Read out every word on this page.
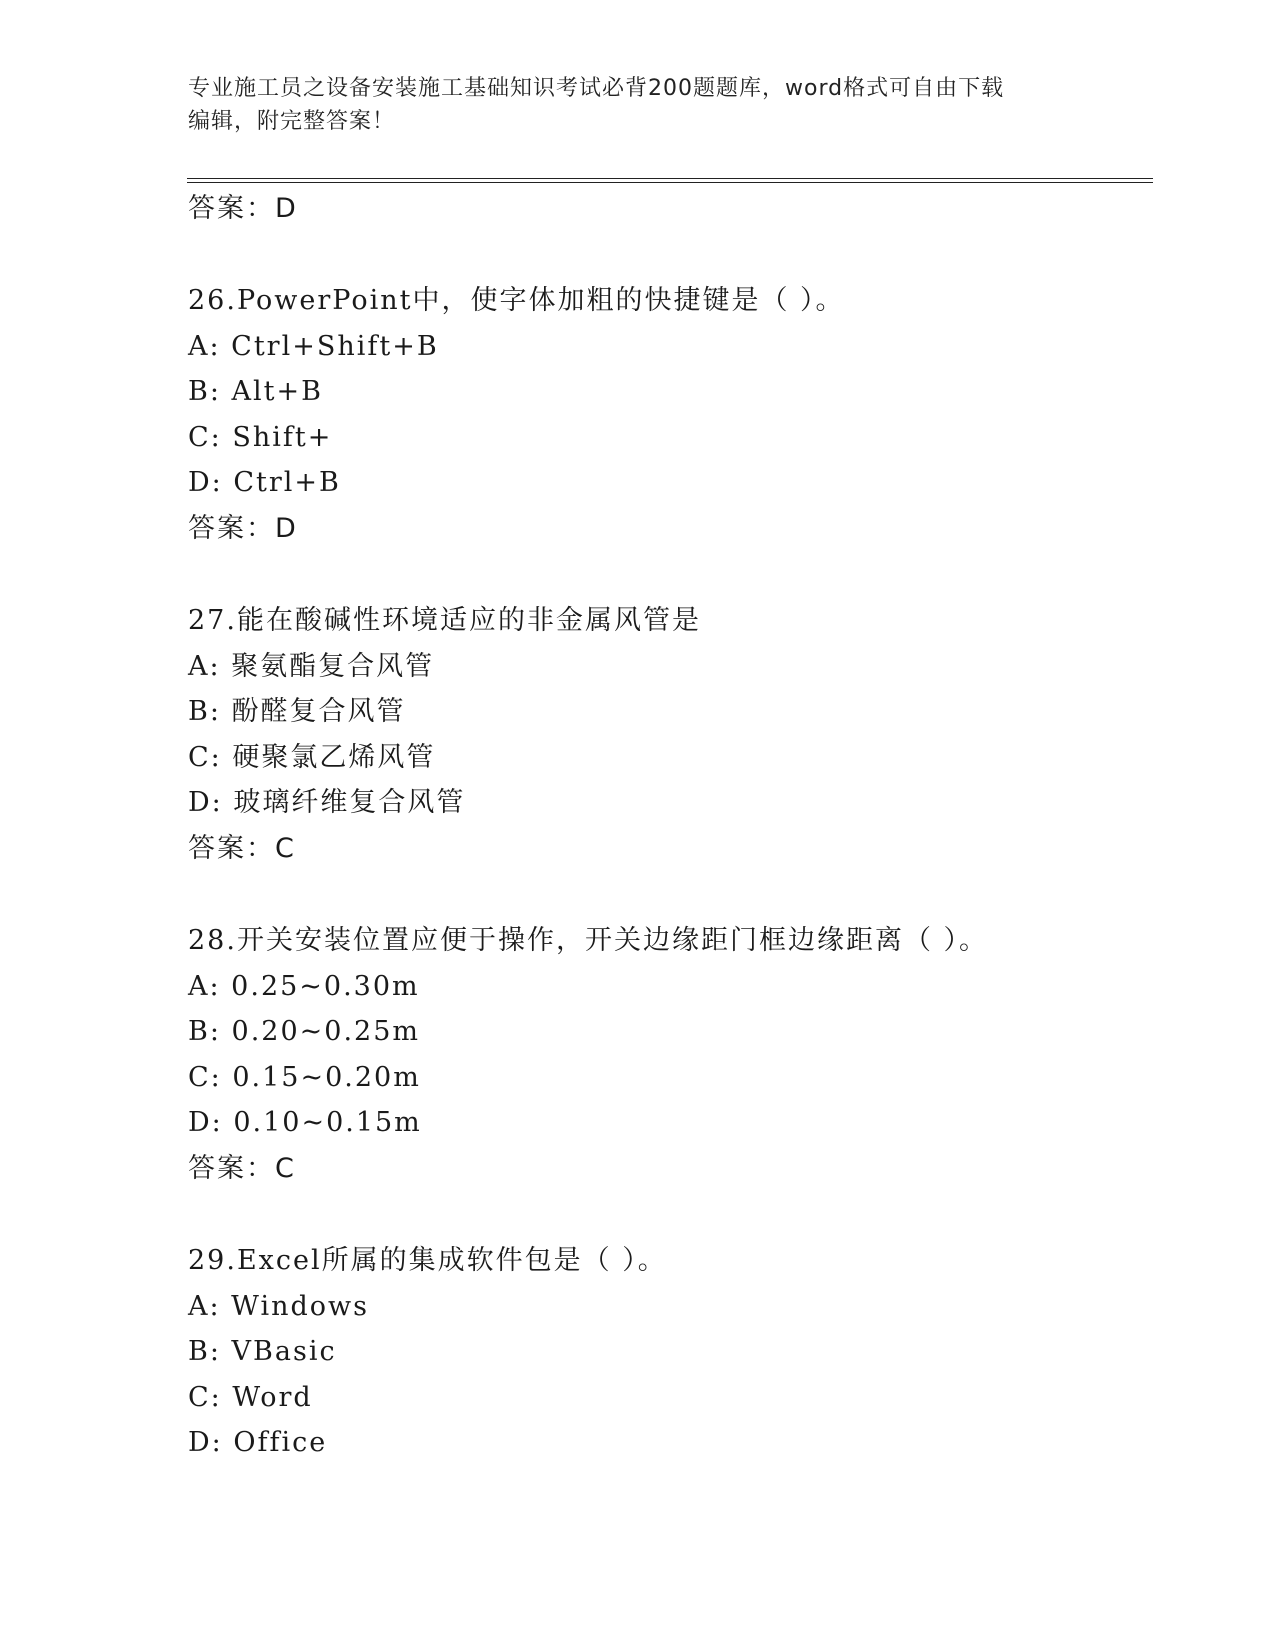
专业施工员之设备安装施工基础知识考试必背200题题库，word格式可自由下载
编辑，附完整答案！
答案：D
26.PowerPoint中，使字体加粗的快捷键是（ ）。
A: Ctrl+Shift+B
B: Alt+B
C: Shift+
D: Ctrl+B
答案：D
27.能在酸碱性环境适应的非金属风管是
A: 聚氨酯复合风管
B: 酚醛复合风管
C: 硬聚氯乙烯风管
D: 玻璃纤维复合风管
答案：C
28.开关安装位置应便于操作，开关边缘距门框边缘距离（ ）。
A: 0.25~0.30m
B: 0.20~0.25m
C: 0.15~0.20m
D: 0.10~0.15m
答案：C
29.Excel所属的集成软件包是（ ）。
A: Windows
B: VBasic
C: Word
D: Office
